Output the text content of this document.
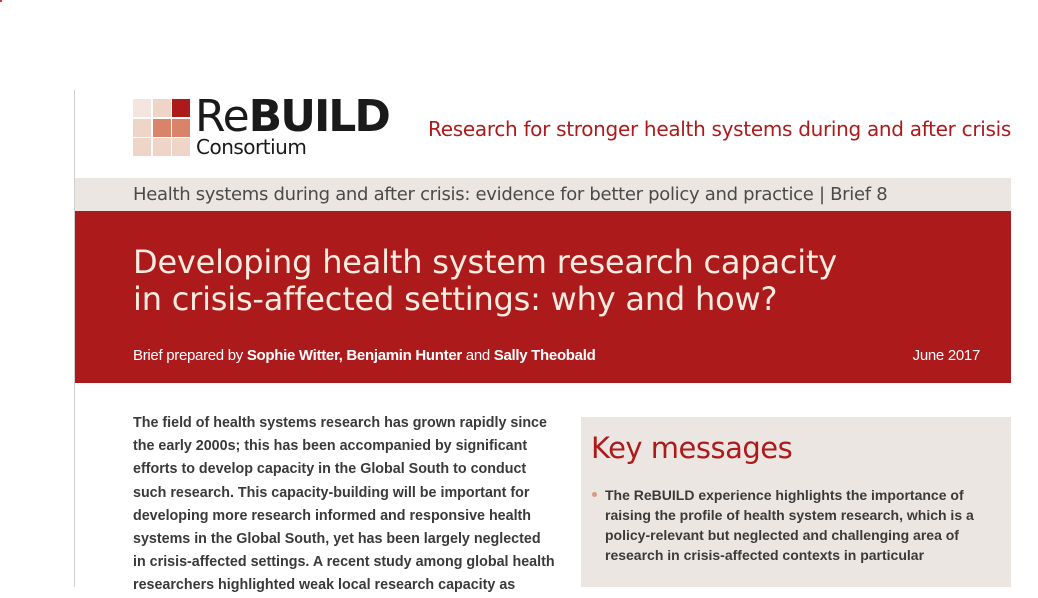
ReBUILD
Consortium
Research for stronger health systems during and after crisis
Health systems during and after crisis: evidence for better policy and practice | Brief 8
Developing health system research capacity
in crisis-affected settings: why and how?
Brief prepared by Sophie Witter, Benjamin Hunter and Sally Theobald	June 2017
The field of health systems research has grown rapidly since
the early 2000s; this has been accompanied by significant
efforts to develop capacity in the Global South to conduct
such research. This capacity-building will be important for
developing more research informed and responsive health
systems in the Global South, yet has been largely neglected
in crisis-affected settings. A recent study among global health
researchers highlighted weak local research capacity as
Key messages
The ReBUILD experience highlights the importance of
raising the profile of health system research, which is a
policy-relevant but neglected and challenging area of
research in crisis-affected contexts in particular
